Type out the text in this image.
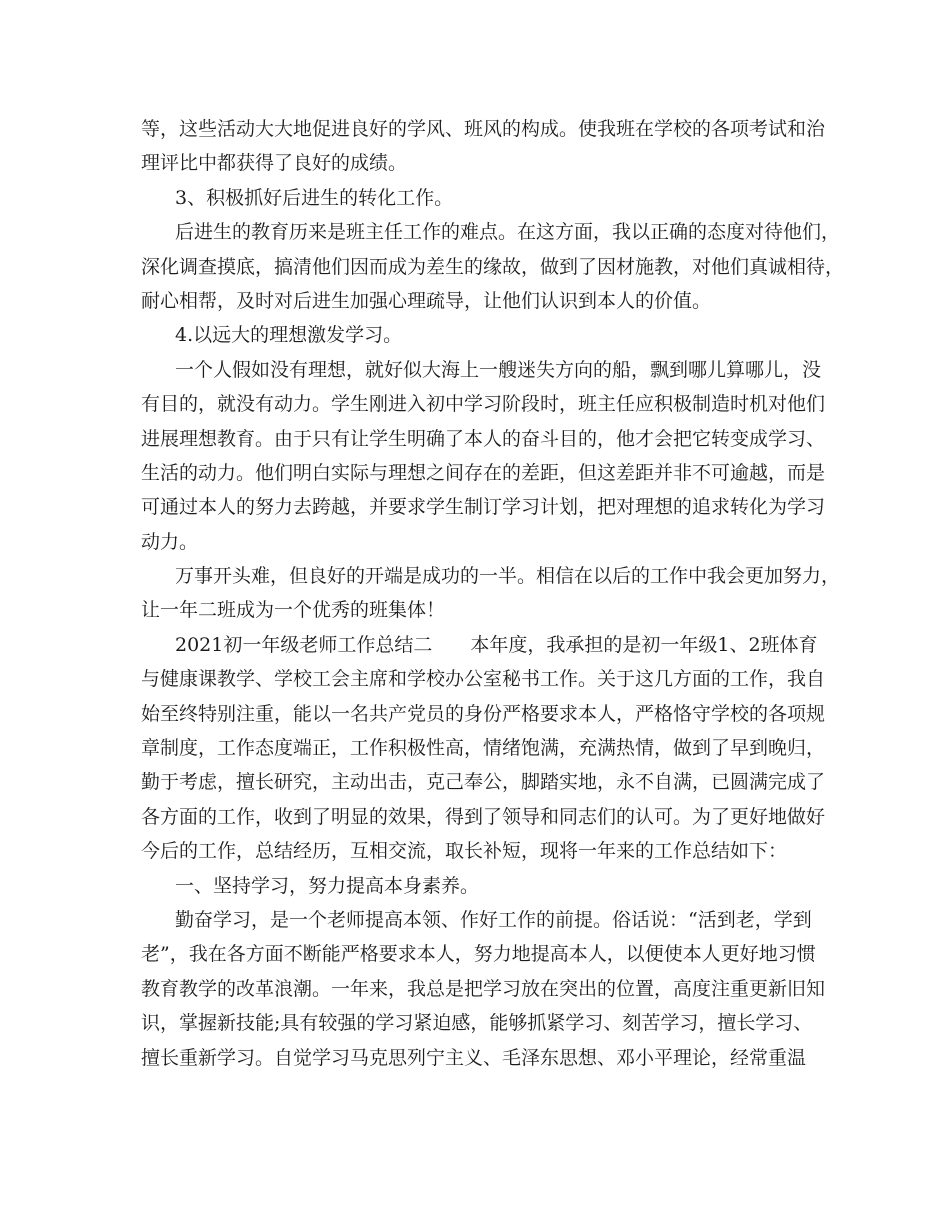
等，这些活动大大地促进良好的学风、班风的构成。使我班在学校的各项考试和治
理评比中都获得了良好的成绩。
3、积极抓好后进生的转化工作。
后进生的教育历来是班主任工作的难点。在这方面，我以正确的态度对待他们，
深化调查摸底，搞清他们因而成为差生的缘故，做到了因材施教，对他们真诚相待，
耐心相帮，及时对后进生加强心理疏导，让他们认识到本人的价值。
4.以远大的理想激发学习。
一个人假如没有理想，就好似大海上一艘迷失方向的船，飘到哪儿算哪儿，没
有目的，就没有动力。学生刚进入初中学习阶段时，班主任应积极制造时机对他们
进展理想教育。由于只有让学生明确了本人的奋斗目的，他才会把它转变成学习、
生活的动力。他们明白实际与理想之间存在的差距，但这差距并非不可逾越，而是
可通过本人的努力去跨越，并要求学生制订学习计划，把对理想的追求转化为学习
动力。
万事开头难，但良好的开端是成功的一半。相信在以后的工作中我会更加努力，
让一年二班成为一个优秀的班集体！
2021初一年级老师工作总结二　　本年度，我承担的是初一年级1、2班体育
与健康课教学、学校工会主席和学校办公室秘书工作。关于这几方面的工作，我自
始至终特别注重，能以一名共产党员的身份严格要求本人，严格恪守学校的各项规
章制度，工作态度端正，工作积极性高，情绪饱满，充满热情，做到了早到晚归，
勤于考虑，擅长研究，主动出击，克己奉公，脚踏实地，永不自满，已圆满完成了
各方面的工作，收到了明显的效果，得到了领导和同志们的认可。为了更好地做好
今后的工作，总结经历，互相交流，取长补短，现将一年来的工作总结如下：
一、坚持学习，努力提高本身素养。
勤奋学习，是一个老师提高本领、作好工作的前提。俗话说：“活到老，学到
老”，我在各方面不断能严格要求本人，努力地提高本人，以便使本人更好地习惯
教育教学的改革浪潮。一年来，我总是把学习放在突出的位置，高度注重更新旧知
识，掌握新技能;具有较强的学习紧迫感，能够抓紧学习、刻苦学习，擅长学习、
擅长重新学习。自觉学习马克思列宁主义、毛泽东思想、邓小平理论，经常重温
